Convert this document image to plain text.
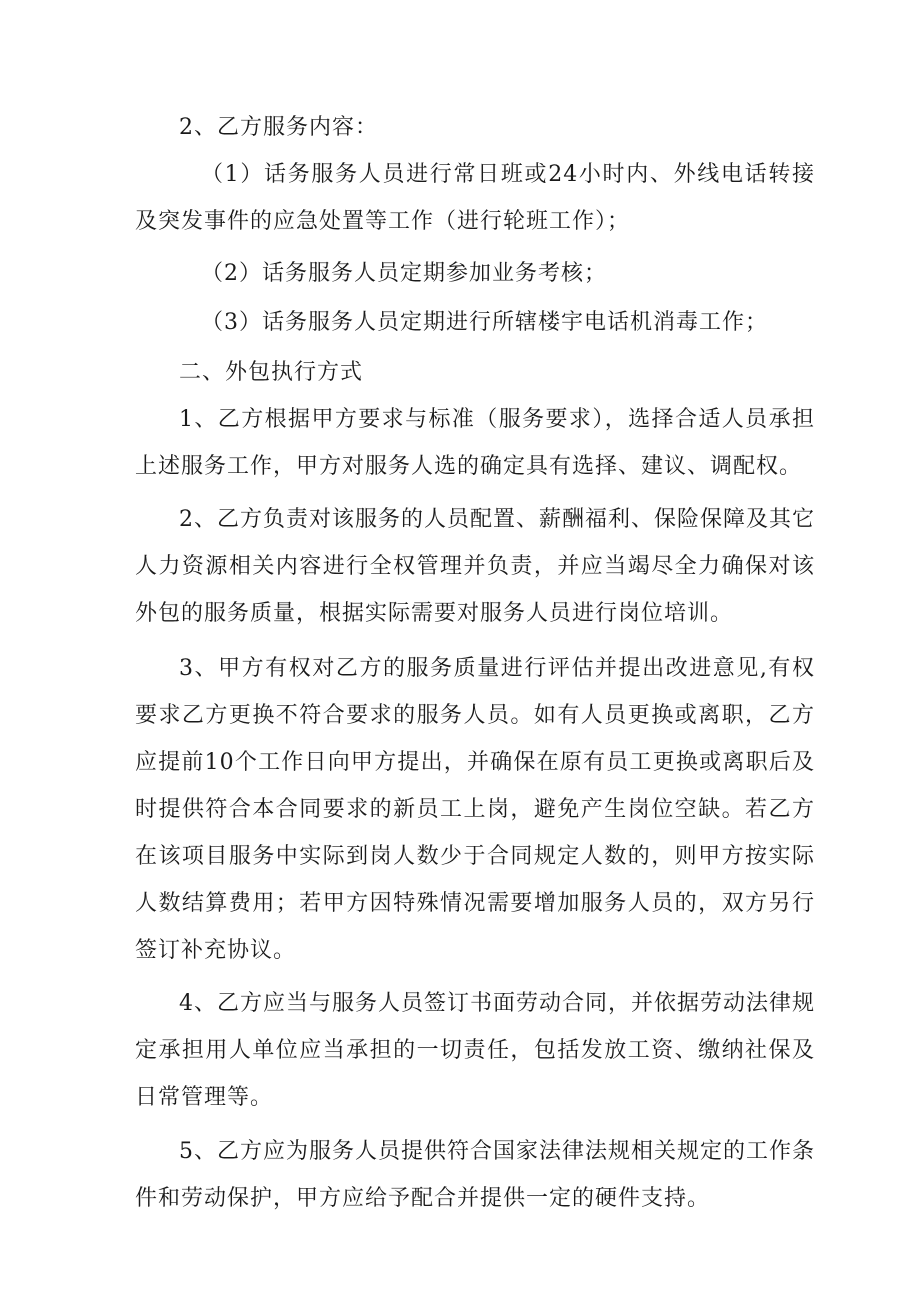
2、乙方服务内容：

（1）话务服务人员进行常日班或24小时内、外线电话转接及突发事件的应急处置等工作（进行轮班工作）；

（2）话务服务人员定期参加业务考核；

（3）话务服务人员定期进行所辖楼宇电话机消毒工作；

二、外包执行方式

1、乙方根据甲方要求与标准（服务要求），选择合适人员承担上述服务工作，甲方对服务人选的确定具有选择、建议、调配权。

2、乙方负责对该服务的人员配置、薪酬福利、保险保障及其它人力资源相关内容进行全权管理并负责，并应当竭尽全力确保对该外包的服务质量，根据实际需要对服务人员进行岗位培训。

3、甲方有权对乙方的服务质量进行评估并提出改进意见,有权要求乙方更换不符合要求的服务人员。如有人员更换或离职，乙方应提前10个工作日向甲方提出，并确保在原有员工更换或离职后及时提供符合本合同要求的新员工上岗，避免产生岗位空缺。若乙方在该项目服务中实际到岗人数少于合同规定人数的，则甲方按实际人数结算费用；若甲方因特殊情况需要增加服务人员的，双方另行签订补充协议。

4、乙方应当与服务人员签订书面劳动合同，并依据劳动法律规定承担用人单位应当承担的一切责任，包括发放工资、缴纳社保及日常管理等。

5、乙方应为服务人员提供符合国家法律法规相关规定的工作条件和劳动保护，甲方应给予配合并提供一定的硬件支持。
